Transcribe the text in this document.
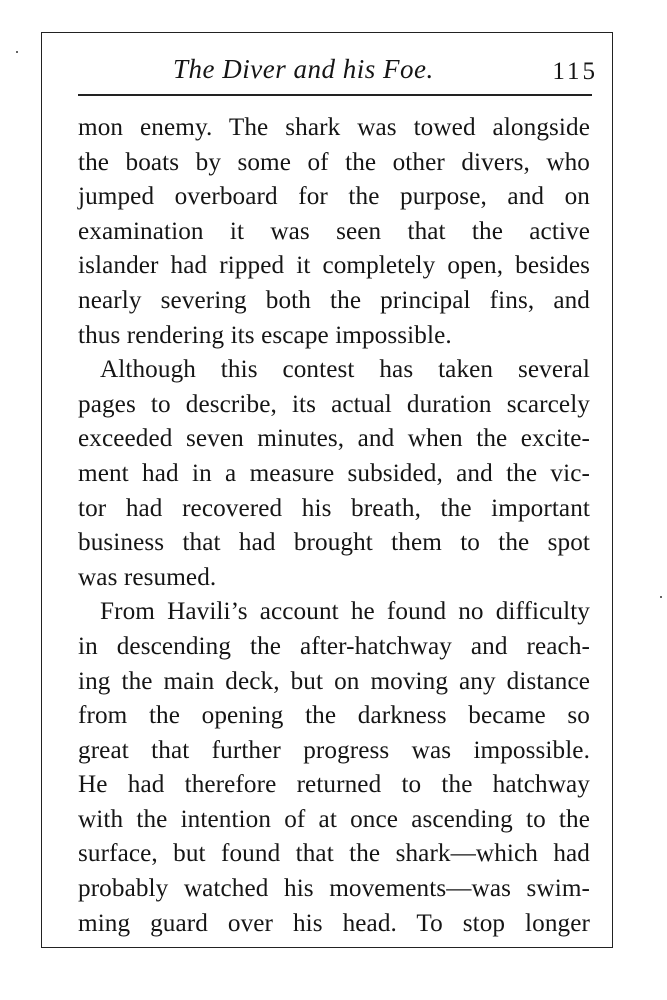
The Diver and his Foe.	115

mon enemy. The shark was towed alongside
the boats by some of the other divers, who
jumped overboard for the purpose, and on
examination it was seen that the active
islander had ripped it completely open, besides
nearly severing both the principal fins, and
thus rendering its escape impossible.

Although this contest has taken several
pages to describe, its actual duration scarcely
exceeded seven minutes, and when the excite-
ment had in a measure subsided, and the vic-
tor had recovered his breath, the important
business that had brought them to the spot
was resumed.

From Havili’s account he found no difficulty
in descending the after-hatchway and reach-
ing the main deck, but on moving any distance
from the opening the darkness became so
great that further progress was impossible.
He had therefore returned to the hatchway
with the intention of at once ascending to the
surface, but found that the shark—which had
probably watched his movements—was swim-
ming guard over his head. To stop longer
